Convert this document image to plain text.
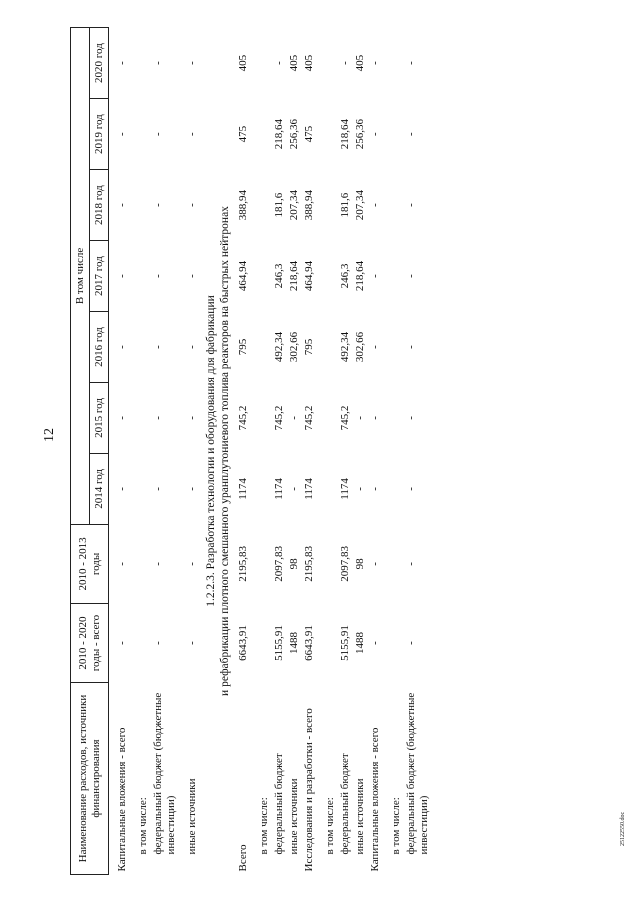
12
25122550.doc
Наименование расходов, источники финансирования	2010 - 2020 годы - всего	2010 - 2013 годы	В том числе						
			2014 год	2015 год	2016 год	2017 год	2018 год	2019 год	2020 год

Капитальные вложения - всего	-	-	-	-	-	-	-	-	-

в том числе:									
федеральный бюджет (бюджетные инвестиции)	-	-	-	-	-	-	-	-	-

иные источники	-	-	-	-	-	-	-	-	-

1.2.2.3. Разработка технологии и оборудования для фабрикации и рефабрикации плотного смешанного уранплутониевого топлива реакторов на быстрых нейтронах									

Всего	6643,91	2195,83	1174	745,2	795	464,94	388,94	475	405

в том числе:									
федеральный бюджет	5155,91	2097,83	1174	745,2	492,34	246,3	181,6	218,64	-
иные источники	1488	98	-	-	302,66	218,64	207,34	256,36	405
Исследования и разработки - всего	6643,91	2195,83	1174	745,2	795	464,94	388,94	475	405

в том числе:									
федеральный бюджет	5155,91	2097,83	1174	745,2	492,34	246,3	181,6	218,64	-
иные источники	1488	98	-	-	302,66	218,64	207,34	256,36	405
Капитальные вложения - всего	-	-	-	-	-	-	-	-	-

в том числе:									
федеральный бюджет (бюджетные инвестиции)	-	-	-	-	-	-	-	-	-
